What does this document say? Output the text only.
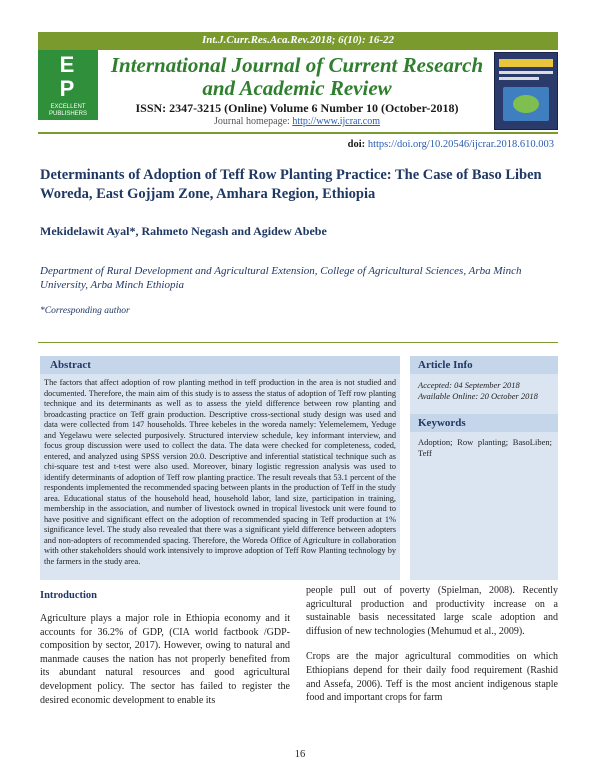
Int.J.Curr.Res.Aca.Rev.2018; 6(10): 16-22
E
P
EXCELLENT PUBLISHERS
International Journal of Current Research and Academic Review
ISSN: 2347-3215 (Online) Volume 6 Number 10 (October-2018)
Journal homepage: http://www.ijcrar.com
doi: https://doi.org/10.20546/ijcrar.2018.610.003
Determinants of Adoption of Teff Row Planting Practice: The Case of Baso Liben Woreda, East Gojjam Zone, Amhara Region, Ethiopia
Mekidelawit Ayal*, Rahmeto Negash and Agidew Abebe
Department of Rural Development and Agricultural Extension, College of Agricultural Sciences, Arba Minch University, Arba Minch Ethiopia
*Corresponding author
Abstract
The factors that affect adoption of row planting method in teff production in the area is not studied and documented. Therefore, the main aim of this study is to assess the status of adoption of Teff row planting technique and its determinants as well as to assess the yield difference between row planting and broadcasting practice on Teff grain production. Descriptive cross-sectional study design was used and data were collected from 147 households. Three kebeles in the woreda namely: Yelemelemem, Yeduge and Yegelawu were selected purposively. Structured interview schedule, key informant interview, and focus group discussion were used to collect the data. The data were checked for completeness, coded, entered, and analyzed using SPSS version 20.0. Descriptive and inferential statistical technique such as chi-square test and t-test were also used. Moreover, binary logistic regression analysis was used to identify determinants of adoption of Teff row planting practice. The result reveals that 53.1 percent of the respondents implemented the recommended spacing between plants in the production of Teff in the study area. Educational status of the household head, household labor, land size, participation in training, membership in the association, and number of livestock owned in tropical livestock unit were found to have positive and significant effect on the adoption of recommended spacing in Teff production at 1% significance level. The study also revealed that there was a significant yield difference between adopters and non-adopters of recommended spacing. Therefore, the Woreda Office of Agriculture in collaboration with other stakeholders should work intensively to improve adoption of Teff Row Planting technology by the farmers in the study area.
Article Info
Accepted: 04 September 2018
Available Online: 20 October 2018
Keywords
Adoption; Row planting; BasoLiben; Teff
Introduction

Agriculture plays a major role in Ethiopia economy and it accounts for 36.2% of GDP, (CIA world factbook /GDP-composition by sector, 2017). However, owing to natural and manmade causes the nation has not properly benefited from its abundant natural resources and good agricultural development policy. The sector has failed to register the desired economic development to enable its

people pull out of poverty (Spielman, 2008). Recently agricultural production and productivity increase on a sustainable basis necessitated large scale adoption and diffusion of new technologies (Mehumud et al., 2009).

Crops are the major agricultural commodities on which Ethiopians depend for their daily food requirement (Rashid and Assefa, 2006). Teff is the most ancient indigenous staple food and important crops for farm

16
